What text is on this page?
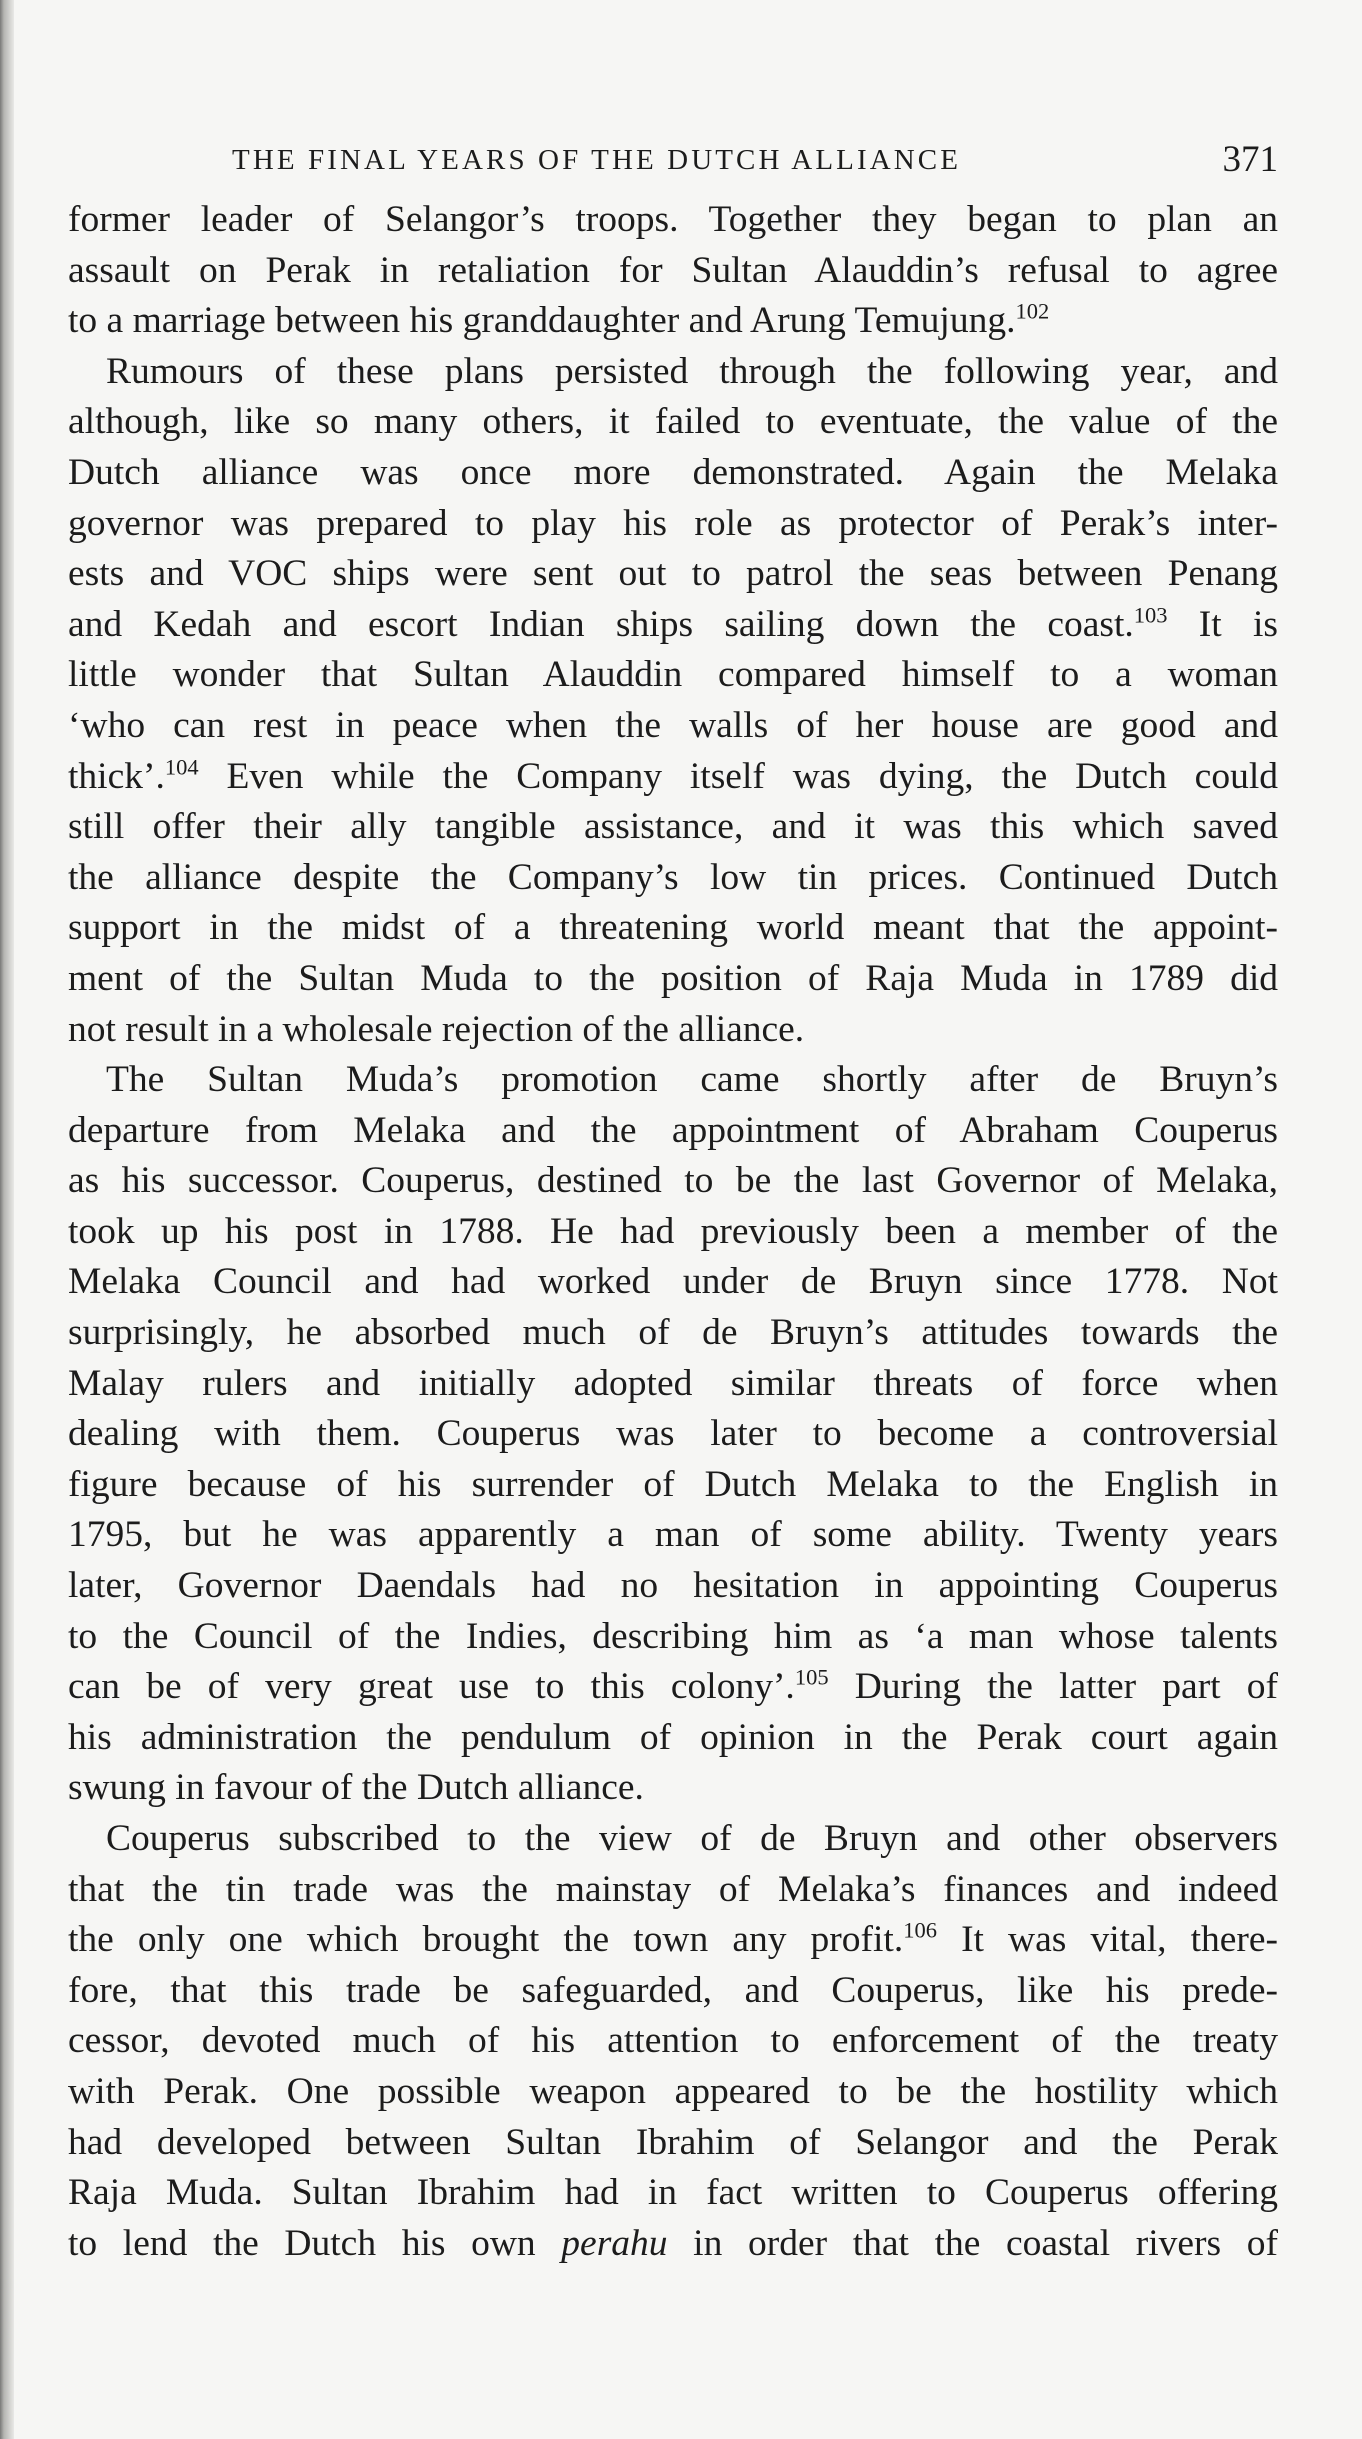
THE FINAL YEARS OF THE DUTCH ALLIANCE	371
former leader of Selangor’s troops. Together they began to plan an
assault on Perak in retaliation for Sultan Alauddin’s refusal to agree
to a marriage between his granddaughter and Arung Temujung.$^{102}$
Rumours of these plans persisted through the following year, and
although, like so many others, it failed to eventuate, the value of the
Dutch alliance was once more demonstrated. Again the Melaka
governor was prepared to play his role as protector of Perak’s inter-
ests and VOC ships were sent out to patrol the seas between Penang
and Kedah and escort Indian ships sailing down the coast.$^{103}$ It is
little wonder that Sultan Alauddin compared himself to a woman
‘who can rest in peace when the walls of her house are good and
thick’.$^{104}$ Even while the Company itself was dying, the Dutch could
still offer their ally tangible assistance, and it was this which saved
the alliance despite the Company’s low tin prices. Continued Dutch
support in the midst of a threatening world meant that the appoint-
ment of the Sultan Muda to the position of Raja Muda in 1789 did
not result in a wholesale rejection of the alliance.
The Sultan Muda’s promotion came shortly after de Bruyn’s
departure from Melaka and the appointment of Abraham Couperus
as his successor. Couperus, destined to be the last Governor of Melaka,
took up his post in 1788. He had previously been a member of the
Melaka Council and had worked under de Bruyn since 1778. Not
surprisingly, he absorbed much of de Bruyn’s attitudes towards the
Malay rulers and initially adopted similar threats of force when
dealing with them. Couperus was later to become a controversial
figure because of his surrender of Dutch Melaka to the English in
1795, but he was apparently a man of some ability. Twenty years
later, Governor Daendals had no hesitation in appointing Couperus
to the Council of the Indies, describing him as ‘a man whose talents
can be of very great use to this colony’.$^{105}$ During the latter part of
his administration the pendulum of opinion in the Perak court again
swung in favour of the Dutch alliance.
Couperus subscribed to the view of de Bruyn and other observers
that the tin trade was the mainstay of Melaka’s finances and indeed
the only one which brought the town any profit.$^{106}$ It was vital, there-
fore, that this trade be safeguarded, and Couperus, like his prede-
cessor, devoted much of his attention to enforcement of the treaty
with Perak. One possible weapon appeared to be the hostility which
had developed between Sultan Ibrahim of Selangor and the Perak
Raja Muda. Sultan Ibrahim had in fact written to Couperus offering
to lend the Dutch his own perahu in order that the coastal rivers of
